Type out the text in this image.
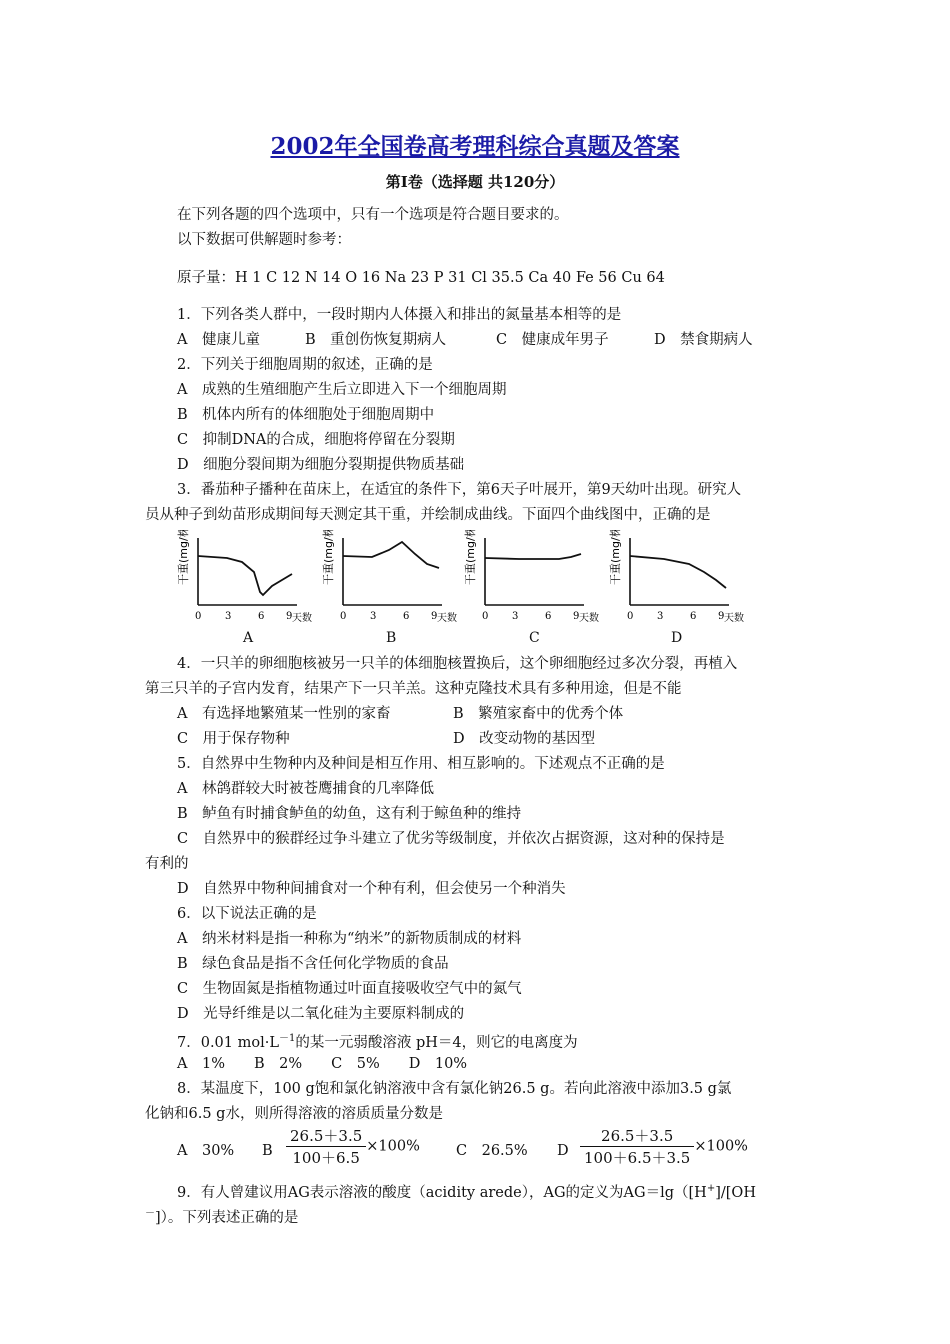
2002年全国卷高考理科综合真题及答案
第Ⅰ卷（选择题 共120分）
在下列各题的四个选项中，只有一个选项是符合题目要求的。
以下数据可供解题时参考：
原子量：H 1 C 12 N 14 O 16 Na 23 P 31 Cl 35.5 Ca 40 Fe 56 Cu 64
1．下列各类人群中，一段时期内人体摄入和排出的氮量基本相等的是
A　健康儿童	B　重创伤恢复期病人	C　健康成年男子	D　禁食期病人
2．下列关于细胞周期的叙述，正确的是
A　成熟的生殖细胞产生后立即进入下一个细胞周期
B　机体内所有的体细胞处于细胞周期中
C　抑制DNA的合成，细胞将停留在分裂期
D　细胞分裂间期为细胞分裂期提供物质基础
3．番茄种子播种在苗床上，在适宜的条件下，第6天子叶展开，第9天幼叶出现。研究人
员从种子到幼苗形成期间每天测定其干重，并绘制成曲线。下面四个曲线图中，正确的是
干重(mg/株)
0 3	6 9 天数
干重(mg/株)
0 3	6 9 天数
干重(mg/株)
0 3	6 9 天数
干重(mg/株)
0 3	6 9 天数
A	B	C	D
4．一只羊的卵细胞核被另一只羊的体细胞核置换后，这个卵细胞经过多次分裂，再植入
第三只羊的子宫内发育，结果产下一只羊羔。这种克隆技术具有多种用途，但是不能
A　有选择地繁殖某一性别的家畜	B　繁殖家畜中的优秀个体
C　用于保存物种	D　改变动物的基因型
5．自然界中生物种内及种间是相互作用、相互影响的。下述观点不正确的是
A　林鸽群较大时被苍鹰捕食的几率降低
B　鲈鱼有时捕食鲈鱼的幼鱼，这有利于鲸鱼种的维持
C　自然界中的猴群经过争斗建立了优劣等级制度，并依次占据资源，这对种的保持是
有利的
D　自然界中物种间捕食对一个种有利，但会使另一个种消失
6．以下说法正确的是
A　纳米材料是指一种称为“纳米”的新物质制成的材料
B　绿色食品是指不含任何化学物质的食品
C　生物固氮是指植物通过叶面直接吸收空气中的氮气
D　光导纤维是以二氧化硅为主要原料制成的
7．0.01 $mol\cdot L^{-1}$的某一元弱酸溶液 pH＝4，则它的电离度为
A　1%　　B　2%　　C　5%　　D　10%
8．某温度下，100 g饱和氯化钠溶液中含有氯化钠26.5 g。若向此溶液中添加3.5 g氯
化钠和6.5 g水，则所得溶液的溶质质量分数是
A　30% B $\frac{26.5+3.5}{100+6.5} \times 100\%$ C　26.5% D $\frac{26.5+3.5}{100+6.5+3.5} \times 100\%$
9．有人曾建议用AG表示溶液的酸度（acidity arede），AG的定义为AG＝lg（[H+]/[OH
－]）。下列表述正确的是
